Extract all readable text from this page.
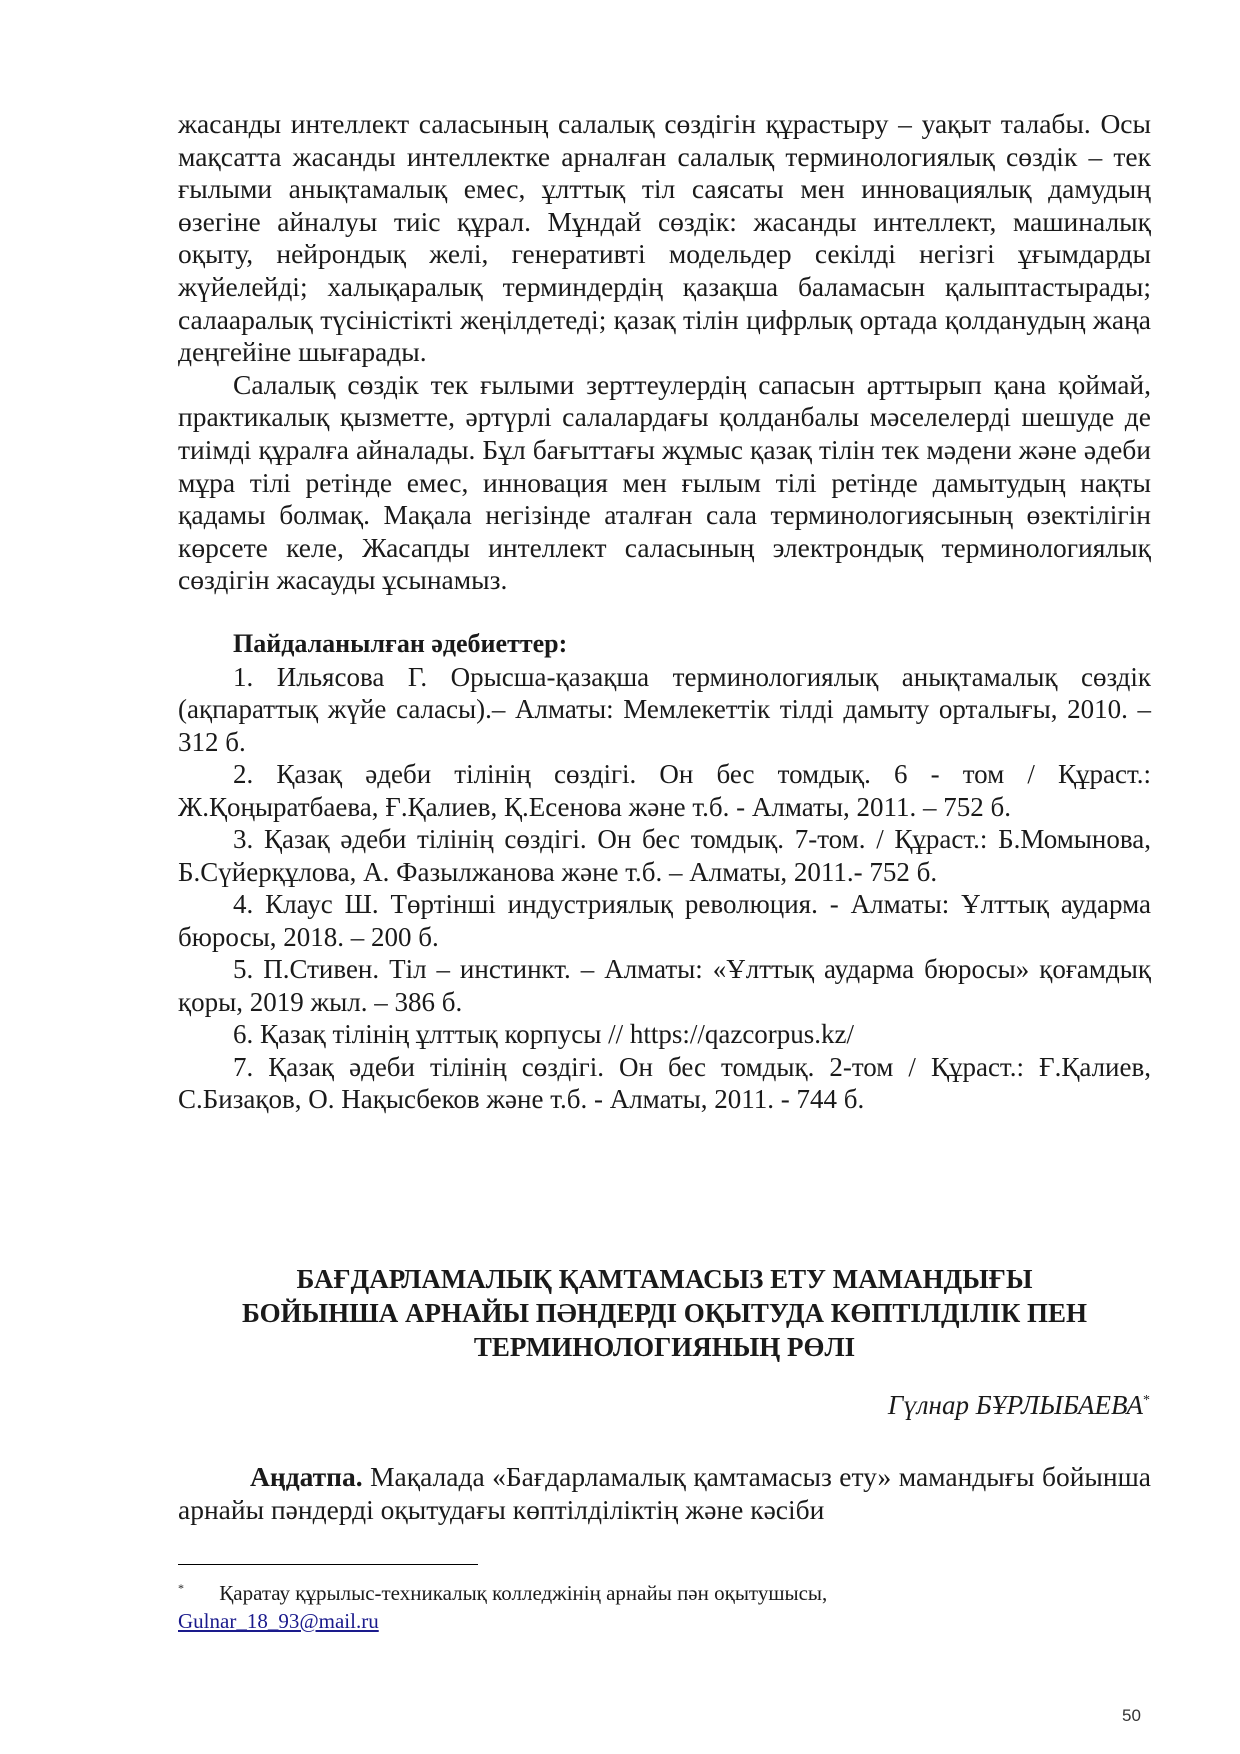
жасанды интеллект саласының салалық сөздігін құрастыру – уақыт талабы. Осы мақсатта жасанды интеллектке арналған салалық терминологиялық сөздік – тек ғылыми анықтамалық емес, ұлттық тіл саясаты мен инновациялық дамудың өзегіне айналуы тиіс құрал. Мұндай сөздік: жасанды интеллект, машиналық оқыту, нейрондық желі, генеративті модельдер секілді негізгі ұғымдарды жүйелейді; халықаралық терминдердің қазақша баламасын қалыптастырады; салааралық түсіністікті жеңілдетеді; қазақ тілін цифрлық ортада қолданудың жаңа деңгейіне шығарады.

Салалық сөздік тек ғылыми зерттеулердің сапасын арттырып қана қоймай, практикалық қызметте, әртүрлі салалардағы қолданбалы мәселелерді шешуде де тиімді құралға айналады. Бұл бағыттағы жұмыс қазақ тілін тек мәдени және әдеби мұра тілі ретінде емес, инновация мен ғылым тілі ретінде дамытудың нақты қадамы болмақ. Мақала негізінде аталған сала терминологиясының өзектілігін көрсете келе, Жасапды интеллект саласының электрондық терминологиялық сөздігін жасауды ұсынамыз.

Пайдаланылған әдебиеттер:

1. Ильясова Г. Орысша-қазақша терминологиялық анықтамалық сөздік (ақпараттық жүйе саласы).– Алматы: Мемлекеттік тілді дамыту орталығы, 2010. – 312 б.

2. Қазақ әдеби тілінің сөздігі. Он бес томдық. 6 - том / Құраст.: Ж.Қоңыратбаева, Ғ.Қалиев, Қ.Есенова және т.б. - Алматы, 2011. – 752 б.

3. Қазақ әдеби тілінің сөздігі. Он бес томдық. 7-том. / Құраст.: Б.Момынова, Б.Сүйерқұлова, А. Фазылжанова және т.б. – Алматы, 2011.- 752 б.

4. Клаус Ш. Төртінші индустриялық революция. - Алматы: Ұлттық аударма бюросы, 2018. – 200 б.

5. П.Стивен. Тіл – инстинкт. – Алматы: «Ұлттық аударма бюросы» қоғамдық қоры, 2019 жыл. – 386 б.

6. Қазақ тілінің ұлттық корпусы // https://qazcorpus.kz/

7. Қазақ әдеби тілінің сөздігі. Он бес томдық. 2-том / Құраст.: Ғ.Қалиев, С.Бизақов, О. Нақысбеков және т.б. - Алматы, 2011. - 744 б.

БАҒДАРЛАМАЛЫҚ ҚАМТАМАСЫЗ ЕТУ МАМАНДЫҒЫ
БОЙЫНША АРНАЙЫ ПӘНДЕРДІ ОҚЫТУДА КӨПТІЛДІЛІК ПЕН
ТЕРМИНОЛОГИЯНЫҢ РӨЛІ
Гүлнар БҰРЛЫБАЕВА*

Аңдатпа. Мақалада «Бағдарламалық қамтамасыз ету» мамандығы бойынша арнайы пәндерді оқытудағы көптілділіктің және кәсіби

* Қаратау құрылыс-техникалық колледжінің арнайы пән оқытушысы,
Gulnar_18_93@mail.ru
50
